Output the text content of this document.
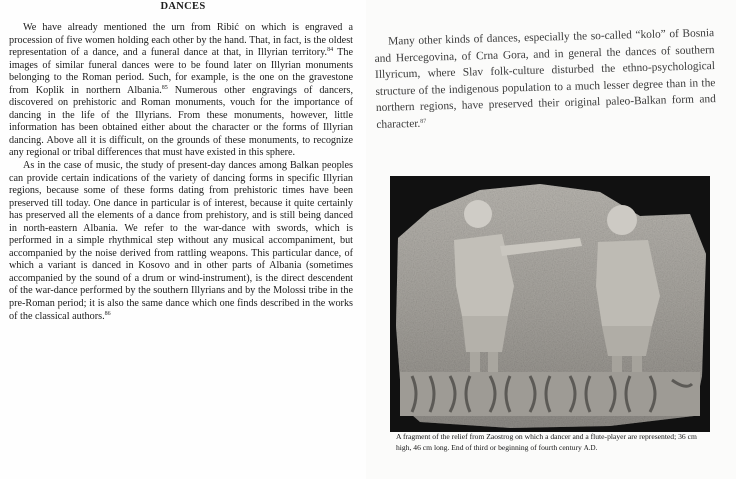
DANCES

We have already mentioned the urn from Ribić on which is engraved a procession of five women holding each other by the hand. That, in fact, is the oldest representation of a dance, and a funeral dance at that, in Illyrian territory.$^{84}$ The images of similar funeral dances were to be found later on Illyrian monuments belonging to the Roman period. Such, for example, is the one on the gravestone from Koplik in northern Albania.$^{85}$ Numerous other engravings of dancers, discovered on prehistoric and Roman monuments, vouch for the importance of dancing in the life of the Illyrians. From these monuments, however, little information has been obtained either about the character or the forms of Illyrian dancing. Above all it is difficult, on the grounds of these monuments, to recognize any regional or tribal differences that must have existed in this sphere.

As in the case of music, the study of present-day dances among Balkan peoples can provide certain indications of the variety of dancing forms in specific Illyrian regions, because some of these forms dating from prehistoric times have been preserved till today. One dance in particular is of interest, because it quite certainly has preserved all the elements of a dance from prehistory, and is still being danced in north-eastern Albania. We refer to the war-dance with swords, which is performed in a simple rhythmical step without any musical accompaniment, but accompanied by the noise derived from rattling weapons. This particular dance, of which a variant is danced in Kosovo and in other parts of Albania (sometimes accompanied by the sound of a drum or wind-instrument), is the direct descendent of the war-dance performed by the southern Illyrians and by the Molossi tribe in the pre-Roman period; it is also the same dance which one finds described in the works of the classical authors.$^{86}$

Many other kinds of dances, especially the so-called “kolo” of Bosnia and Hercegovina, of Crna Gora, and in general the dances of southern Illyricum, where Slav folk-culture disturbed the ethno-psychological structure of the indigenous population to a much lesser degree than in the northern regions, have preserved their original paleo-Balkan form and character.$^{87}$

A fragment of the relief from Zaostrog on which a dancer and a flute-player are represented; 36 cm high, 46 cm long. End of third or beginning of fourth century A.D.
